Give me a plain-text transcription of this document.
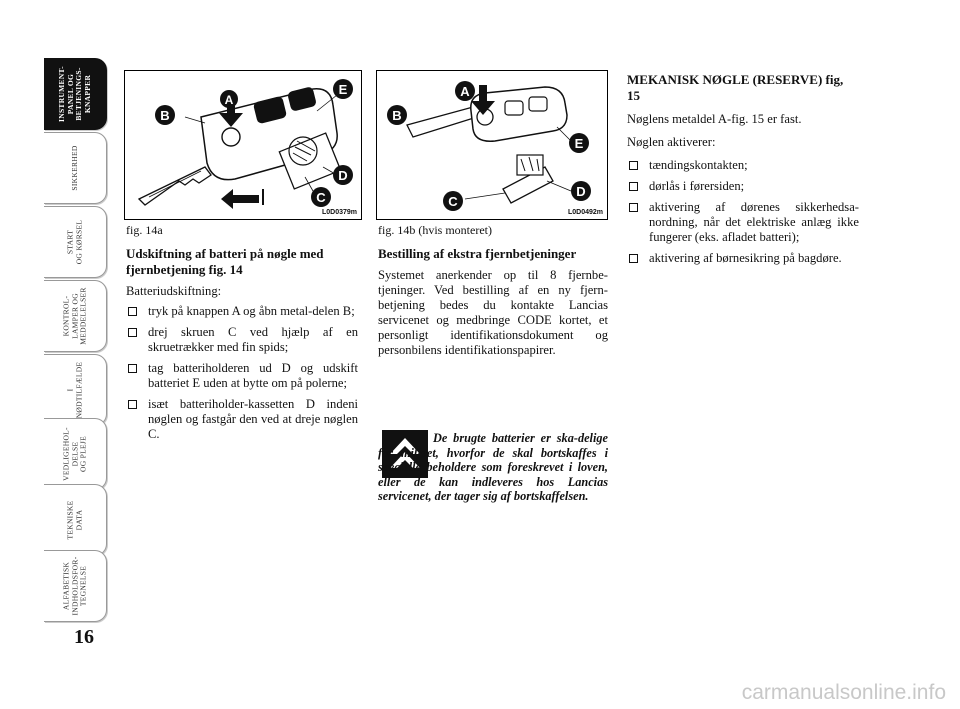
INSTRUMENT-
PANEL OG
BETJENINGS-
KNAPPER
SIKKERHED
START
OG KØRSEL
KONTROL-
LAMPER OG
MEDDELELSER
I
NØDTILFÆLDE
VEDLIGEHOL-
DELSE
OG PLEJE
TEKNISKE
DATA
ALFABETISK
INDHOLDSFOR-
TEGNELSE
16
B
A
E
D
C
L0D0379m
fig. 14a
B
A
E
D
C
L0D0492m
fig. 14b (hvis monteret)
Udskiftning af batteri på nøgle med fjernbetjening fig. 14

Batteriudskiftning:

tryk på knappen A og åbn metal-delen B;
drej skruen C ved hjælp af en skruetrækker med fin spids;
tag batteriholderen ud D og udskift batteriet E uden at bytte om på polerne;
isæt batteriholder-kassetten D indeni nøglen og fastgår den ved at dreje nøglen C.
Bestilling af ekstra fjernbetjeninger

Systemet anerkender op til 8 fjernbe-tjeninger. Ved bestilling af en ny fjern-betjening bedes du kontakte Lancias servicenet og medbringe CODE kortet, et personligt identifikationsdokument og personbilens identifikationspapirer.

De brugte batterier er ska-delige for miljøet, hvorfor de skal bortskaffes i specielle beholdere som foreskrevet i loven, eller de kan indleveres hos Lancias servicenet, der tager sig af bortskaffelsen.
MEKANISK NØGLE (RESERVE) fig, 15

Nøglens metaldel A-fig. 15 er fast.

Nøglen aktiverer:

tændingskontakten;
dørlås i førersiden;
aktivering af dørenes sikkerhedsa-nordning, når det elektriske anlæg ikke fungerer (eks. afladet batteri);
aktivering af børnesikring på bagdøre.
carmanualsonline.info
